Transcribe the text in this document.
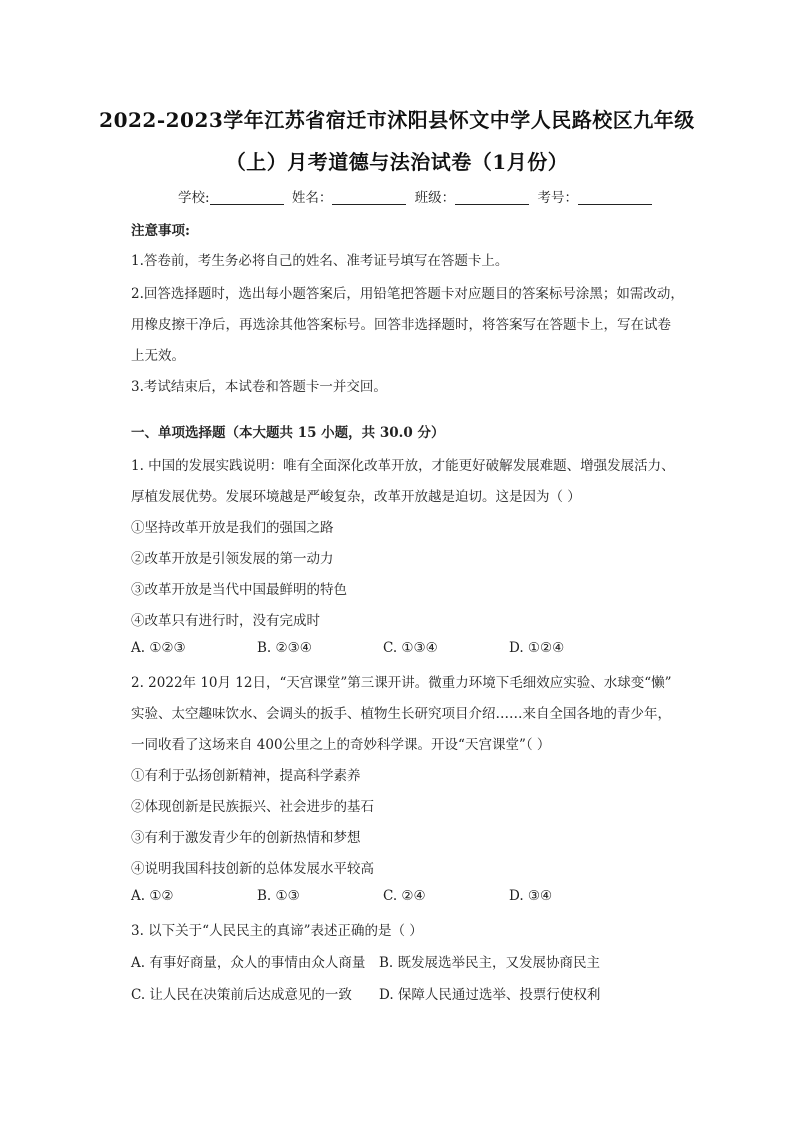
2022-2023学年江苏省宿迁市沭阳县怀文中学人民路校区九年级
（上）月考道德与法治试卷（1月份）
学校:	姓名：	班级：	考号：
注意事项:
1.答卷前，考生务必将自己的姓名、准考证号填写在答题卡上。
2.回答选择题时，选出每小题答案后，用铅笔把答题卡对应题目的答案标号涂黑；如需改动，
用橡皮擦干净后，再选涂其他答案标号。回答非选择题时，将答案写在答题卡上，写在试卷
上无效。
3.考试结束后，本试卷和答题卡一并交回。
一、单项选择题（本大题共 15 小题，共 30.0 分）
1. 中国的发展实践说明：唯有全面深化改革开放，才能更好破解发展难题、增强发展活力、
厚植发展优势。发展环境越是严峻复杂，改革开放越是迫切。这是因为（ ）
①坚持改革开放是我们的强国之路
②改革开放是引领发展的第一动力
③改革开放是当代中国最鲜明的特色
④改革只有进行时，没有完成时
A. ①②③	B. ②③④	C. ①③④	D. ①②④
2. 2022年 10月 12日，“天宫课堂”第三课开讲。微重力环境下毛细效应实验、水球变“懒”
实验、太空趣味饮水、会调头的扳手、植物生长研究项目介绍……来自全国各地的青少年，
一同收看了这场来自 400公里之上的奇妙科学课。开设“天宫课堂”（ ）
①有利于弘扬创新精神，提高科学素养
②体现创新是民族振兴、社会进步的基石
③有利于激发青少年的创新热情和梦想
④说明我国科技创新的总体发展水平较高
A. ①②	B. ①③	C. ②④	D. ③④
3. 以下关于“人民民主的真谛”表述正确的是（ ）
A. 有事好商量，众人的事情由众人商量 B. 既发展选举民主，又发展协商民主
C. 让人民在决策前后达成意见的一致 D. 保障人民通过选举、投票行使权利
